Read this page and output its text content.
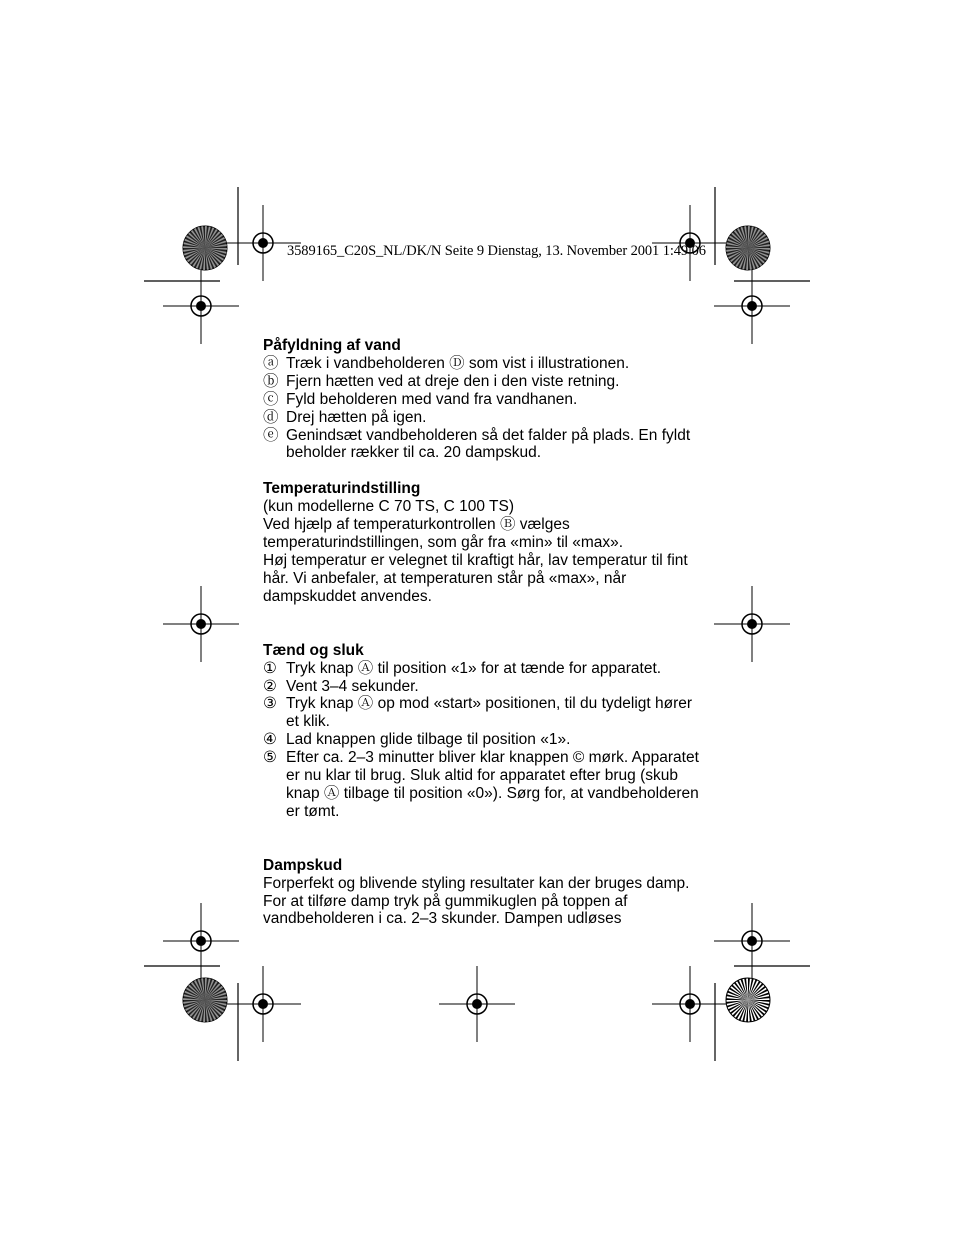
3589165_C20S_NL/DK/N Seite 9 Dienstag, 13. November 2001 1:49 06
Påfyldning af vand
ⓐ Træk i vandbeholderen Ⓓ som vist i illustrationen.
ⓑ Fjern hætten ved at dreje den i den viste retning.
ⓒ Fyld beholderen med vand fra vandhanen.
ⓓ Drej hætten på igen.
ⓔ Genindsæt vandbeholderen så det falder på plads. En fyldt beholder rækker til ca. 20 dampskud.
Temperaturindstilling

(kun modellerne C 70 TS, C 100 TS)

Ved hjælp af temperaturkontrollen Ⓑ vælges temperaturindstillingen, som går fra «min» til «max».

Høj temperatur er velegnet til kraftigt hår, lav temperatur til fint hår. Vi anbefaler, at temperaturen står på «max», når dampskuddet anvendes.

Tænd og sluk
① Tryk knap Ⓐ til position «1» for at tænde for apparatet.
② Vent 3–4 sekunder.
③ Tryk knap Ⓐ op mod «start» positionen, til du tydeligt hører et klik.
④ Lad knappen glide tilbage til position «1».
⑤ Efter ca. 2–3 minutter bliver klar knappen © mørk. Apparatet er nu klar til brug. Sluk altid for apparatet efter brug (skub knap Ⓐ tilbage til position «0»). Sørg for, at vandbeholderen er tømt.
Dampskud

Forperfekt og blivende styling resultater kan der bruges damp.

For at tilføre damp tryk på gummikuglen på toppen af vandbeholderen i ca. 2–3 skunder. Dampen udløses
